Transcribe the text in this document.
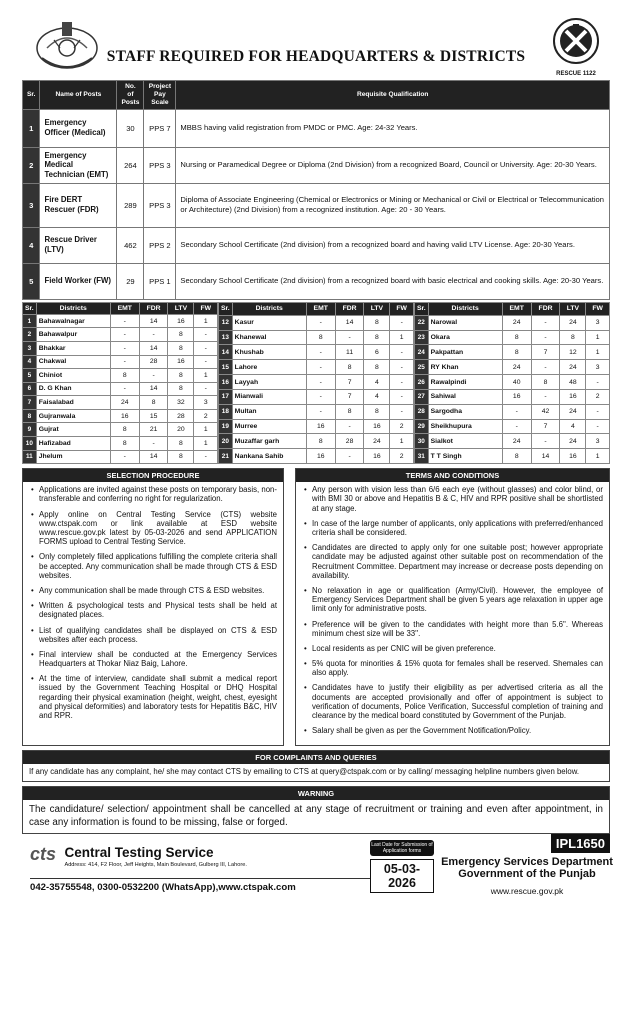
STAFF REQUIRED FOR HEADQUARTERS & DISTRICTS
RESCUE 1122
Sr.	Name of Posts	No. of Posts	Project Pay Scale	Requisite Qualification
1	Emergency Officer (Medical)	30	PPS 7	MBBS having valid registration from PMDC or PMC. Age: 24-32 Years.
2	Emergency Medical Technician (EMT)	264	PPS 3	Nursing or Paramedical Degree or Diploma (2nd Division) from a recognized Board, Council or University. Age: 20-30 Years.
3	Fire DERT Rescuer (FDR)	289	PPS 3	Diploma of Associate Engineering (Chemical or Electronics or Mining or Mechanical or Civil or Electrical or Telecommunication or Architecture) (2nd Division) from a recognized institution. Age: 20 - 30 Years.
4	Rescue Driver (LTV)	462	PPS 2	Secondary School Certificate (2nd division) from a recognized board and having valid LTV License. Age: 20-30 Years.
5	Field Worker (FW)	29	PPS 1	Secondary School Certificate (2nd division) from a recognized board with basic electrical and cooking skills. Age: 20-30 Years.
Sr.	Districts	EMT	FDR	LTV	FW
1	Bahawalnagar	-	14	16	1
2	Bahawalpur	-	-	8	-
3	Bhakkar	-	14	8	-
4	Chakwal	-	28	16	-
5	Chiniot	8	-	8	1
6	D. G Khan	-	14	8	-
7	Faisalabad	24	8	32	3
8	Gujranwala	16	15	28	2
9	Gujrat	8	21	20	1
10	Hafizabad	8	-	8	1
11	Jhelum	-	14	8	-
Sr.	Districts	EMT	FDR	LTV	FW
12	Kasur	-	14	8	-
13	Khanewal	8	-	8	1
14	Khushab	-	11	6	-
15	Lahore	-	8	8	-
16	Layyah	-	7	4	-
17	Mianwali	-	7	4	-
18	Multan	-	8	8	-
19	Murree	16	-	16	2
20	Muzaffar garh	8	28	24	1
21	Nankana Sahib	16	-	16	2
Sr.	Districts	EMT	FDR	LTV	FW
22	Narowal	24	-	24	3
23	Okara	8	-	8	1
24	Pakpattan	8	7	12	1
25	RY Khan	24	-	24	3
26	Rawalpindi	40	8	48	-
27	Sahiwal	16	-	16	2
28	Sargodha	-	42	24	-
29	Sheikhupura	-	7	4	-
30	Sialkot	24	-	24	3
31	T T Singh	8	14	16	1
SELECTION PROCEDURE
• Applications are invited against these posts on temporary basis, non-transferable and conferring no right for regularization.
• Apply online on Central Testing Service (CTS) website www.ctspak.com or link available at ESD website www.rescue.gov.pk latest by 05-03-2026 and send APPLICATION FORMS upload to Central Testing Service.
• Only completely filled applications fulfilling the complete criteria shall be accepted. Any communication shall be made through CTS & ESD websites.
• Any communication shall be made through CTS & ESD websites.
• Written & psychological tests and Physical tests shall be held at designated places.
• List of qualifying candidates shall be displayed on CTS & ESD websites after each process.
• Final interview shall be conducted at the Emergency Services Headquarters at Thokar Niaz Baig, Lahore.
• At the time of interview, candidate shall submit a medical report issued by the Government Teaching Hospital or DHQ Hospital regarding their physical examination (height, weight, chest, eyesight and physical deformities) and laboratory tests for Hepatitis B&C, HIV and RPR.
TERMS AND CONDITIONS
• Any person with vision less than 6/6 each eye (without glasses) and color blind, or with BMI 30 or above and Hepatitis B & C, HIV and RPR positive shall be shortlisted at any stage.
• In case of the large number of applicants, only applications with preferred/enhanced criteria shall be considered.
• Candidates are directed to apply only for one suitable post; however appropriate candidate may be adjusted against other suitable post on recommendation of the Recruitment Committee. Department may increase or decrease posts depending on availability.
• No relaxation in age or qualification (Army/Civil). However, the employee of Emergency Services Department shall be given 5 years age relaxation in upper age limit only for administrative posts.
• Preference will be given to the candidates with height more than 5.6''. Whereas minimum chest size will be 33''.
• Local residents as per CNIC will be given preference.
• 5% quota for minorities & 15% quota for females shall be reserved. Shemales can also apply.
• Candidates have to justify their eligibility as per advertised criteria as all the documents are accepted provisionally and offer of appointment is subject to verification of documents, Police Verification, Successful completion of training and clearance by the medical board constituted by Government of the Punjab.
• Salary shall be given as per the Government Notification/Policy.
FOR COMPLAINTS AND QUERIES

If any candidate has any complaint, he/ she may contact CTS by emailing to CTS at query@ctspak.com or by calling/ messaging helpline numbers given below.

WARNING

The candidature/ selection/ appointment shall be cancelled at any stage of recruitment or training and even after appointment, in case any information is found to be missing, false or forged.

IPL1650
cts Central Testing Service
Address: 414, F2 Floor, Jeff Heights, Main Boulevard, Gulberg III, Lahore.
042-35755548, 0300-0532200 (WhatsApp),www.ctspak.com
Last Date for Submission of Application forms
05-03-2026
Emergency Services Department
Government of the Punjab
www.rescue.gov.pk
